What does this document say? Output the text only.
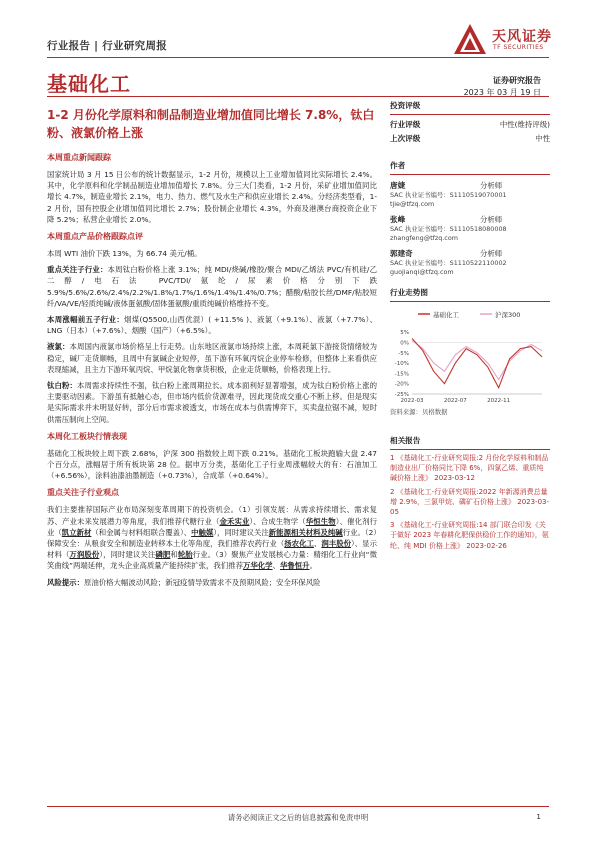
行业报告 | 行业研究周报
天风证券
TF SECURITIES
基础化工	证券研究报告
2023 年 03 月 19 日
1-2 月份化学原料和制品制造业增加值同比增长 7.8%，钛白粉、液氯价格上涨
本周重点新闻跟踪
国家统计局 3 月 15 日公布的统计数据显示，1-2 月份，规模以上工业增加值同比实际增长 2.4%。其中，化学原料和化学制品制造业增加值增长 7.8%。分三大门类看，1-2 月份，采矿业增加值同比增长 4.7%，制造业增长 2.1%，电力、热力、燃气及水生产和供应业增长 2.4%。分经济类型看，1-2 月份，国有控股企业增加值同比增长 2.7%；股份制企业增长 4.3%，外商及港澳台商投资企业下降 5.2%；私营企业增长 2.0%。
本周重点产品价格跟踪点评
本周 WTI 油价下跌 13%，为 66.74 美元/桶。
重点关注子行业：本周钛白粉价格上涨 3.1%；纯 MDI/烧碱/橡胶/聚合 MDI/乙烯法 PVC/有机硅/乙二醇/电石法 PVC/TDI/氨纶/尿素价格分别下跌 5.9%/5.6%/2.6%/2.4%/2.2%/1.8%/1.7%/1.6%/1.4%/1.4%/0.7%；醋酸/粘胶长丝/DMF/粘胶短纤/VA/VE/轻质纯碱/液体蛋氨酸/固体蛋氨酸/重质纯碱价格维持不变。
本周涨幅前五子行业：烟煤(Q5500,山西优混）( +11.5% )、液氯（+9.1%）、液氯（+7.7%）、LNG（日本）（+7.6%）、烟酸（国产）（+6.5%）。
液氯：本周国内液氯市场价格呈上行走势。山东地区液氯市场持续上涨，本周耗氯下游接货情绪较为稳定，碱厂走货顺畅，且周中有氯碱企业短停，虽下游有环氧丙烷企业停车检修，但整体上来看供应表现缩减，且主力下游环氧丙烷、甲烷氯化物拿货积极，企业走货顺畅，价格表现上行。
钛白粉：本周需求持续性不强，钛白粉上涨周期拉长。成本面利好显著增强，成为钛白粉价格上涨的主要驱动因素。下游虽有抵触心态，但市场内低价货源难寻，因此现货成交重心不断上移。但是现实是实际需求并未明显好转，部分后市需求被透支，市场在成本与供需博弈下，买卖盘拉锯不减，短时供需压制向上空间。
本周化工板块行情表现
基础化工板块较上周下跌 2.68%，沪深 300 指数较上周下跌 0.21%。基础化工板块跑输大盘 2.47 个百分点，涨幅居于所有板块第 28 位。据申万分类，基础化工子行业周涨幅较大的有：石油加工（+6.56%），涂料油漆油墨制造（+0.73%），合成革（+0.64%）。
重点关注子行业观点
我们主要推荐国际产业布局深刻变革周期下的投资机会。（1）引领发展：从需求持续增长、需求复苏、产业未来发展潜力等角度，我们推荐代糖行业（金禾实业）、合成生物学（华恒生物）、催化剂行业（凯立新材（和金属与材料组联合覆盖）、中触媒），同时建议关注新能源相关材料及纯碱行业。（2）保障安全：从粮食安全和制造业转移本土化等角度，我们推荐农药行业（扬农化工、润丰股份）、显示材料（万润股份），同时建议关注磷肥和轮胎行业。（3）聚焦产业发展核心力量：精细化工行业向“微笑曲线”两端延伸，龙头企业高质量产能持续扩张，我们推荐万华化学、华鲁恒升。
风险提示：原油价格大幅波动风险；新冠疫情导致需求不及预期风险；安全环保风险
投资评级
行业评级	中性(维持评级)
上次评级	中性
作者
唐婕	分析师
SAC 执业证书编号：S1110519070001
tjie@tfzq.com
张峰	分析师
SAC 执业证书编号：S1110518080008
zhangfeng@tfzq.com
郭建奇	分析师
SAC 执业证书编号：S1110522110002
guojianqi@tfzq.com
行业走势图
基础化工	沪深300
5%
0%
-5%
-10%
-15%
-20%
-25%
2022-03	2022-07	2022-11
资料来源：贝格数据
相关报告
1 《基础化工-行业研究周报:2 月份化学原料和制品制造业出厂价格同比下降 6%，四氯乙烯、重质纯碱价格上涨》 2023-03-12
2 《基础化工-行业研究周报:2022 年新源消费总量增 2.9%，三氯甲烷、磷矿石价格上涨》 2023-03-05
3 《基础化工-行业研究周报:14 部门联合印发《关于做好 2023 年春耕化肥保供稳价工作的通知》，氨纶、纯 MDI 价格上涨》 2023-02-26
请务必阅读正文之后的信息披露和免责申明	1
